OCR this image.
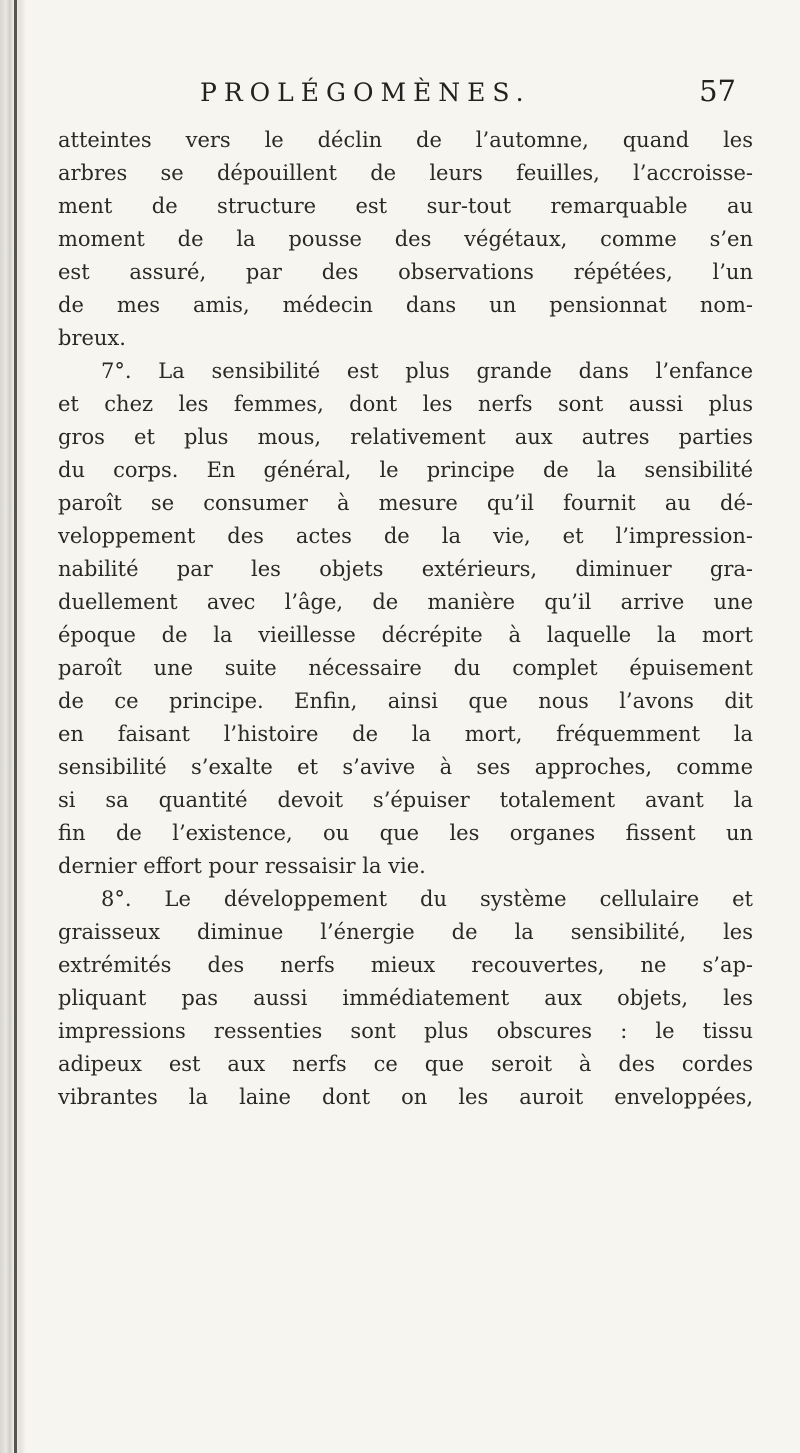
PROLÉGOMÈNES.	57
atteintes vers le déclin de l’automne, quand les
arbres se dépouillent de leurs feuilles, l’accroisse-
ment de structure est sur-tout remarquable au
moment de la pousse des végétaux, comme s’en
est assuré, par des observations répétées, l’un
de mes amis, médecin dans un pensionnat nom-
breux.
7°. La sensibilité est plus grande dans l’enfance
et chez les femmes, dont les nerfs sont aussi plus
gros et plus mous, relativement aux autres parties
du corps. En général, le principe de la sensibilité
paroît se consumer à mesure qu’il fournit au dé-
veloppement des actes de la vie, et l’impression-
nabilité par les objets extérieurs, diminuer gra-
duellement avec l’âge, de manière qu’il arrive une
époque de la vieillesse décrépite à laquelle la mort
paroît une suite nécessaire du complet épuisement
de ce principe. Enfin, ainsi que nous l’avons dit
en faisant l’histoire de la mort, fréquemment la
sensibilité s’exalte et s’avive à ses approches, comme
si sa quantité devoit s’épuiser totalement avant la
fin de l’existence, ou que les organes fissent un
dernier effort pour ressaisir la vie.
8°. Le développement du système cellulaire et
graisseux diminue l’énergie de la sensibilité, les
extrémités des nerfs mieux recouvertes, ne s’ap-
pliquant pas aussi immédiatement aux objets, les
impressions ressenties sont plus obscures : le tissu
adipeux est aux nerfs ce que seroit à des cordes
vibrantes la laine dont on les auroit enveloppées,
